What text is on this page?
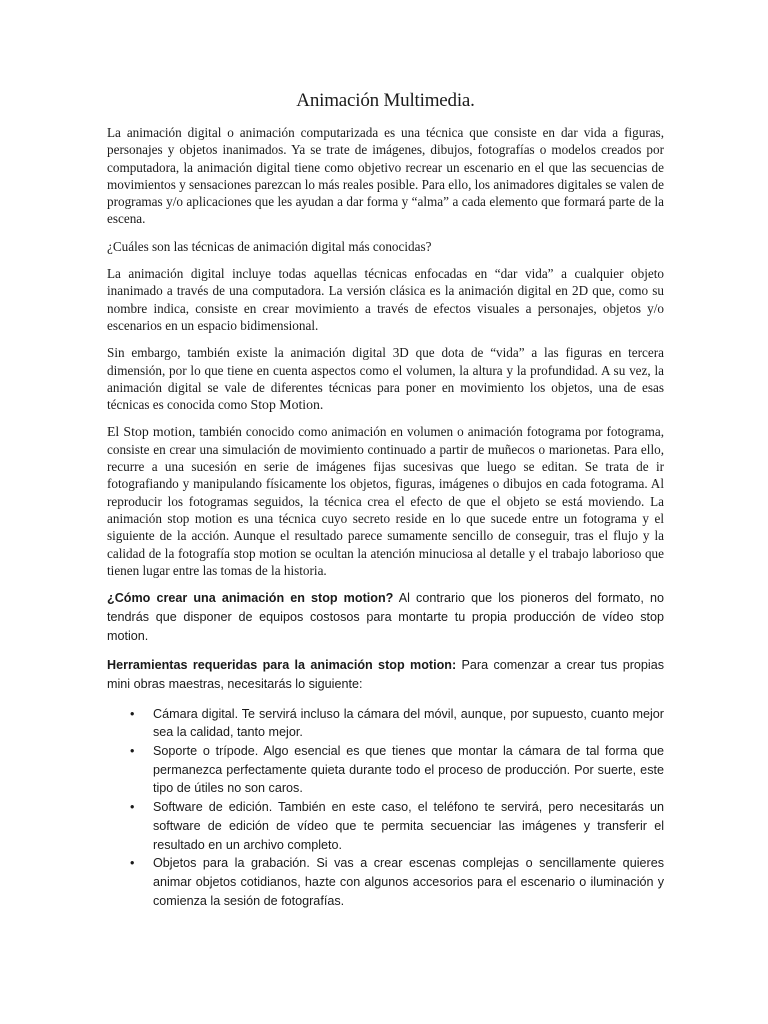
Animación Multimedia.

La animación digital o animación computarizada es una técnica que consiste en dar vida a figuras, personajes y objetos inanimados. Ya se trate de imágenes, dibujos, fotografías o modelos creados por computadora, la animación digital tiene como objetivo recrear un escenario en el que las secuencias de movimientos y sensaciones parezcan lo más reales posible. Para ello, los animadores digitales se valen de programas y/o aplicaciones que les ayudan a dar forma y “alma” a cada elemento que formará parte de la escena.

¿Cuáles son las técnicas de animación digital más conocidas?

La animación digital incluye todas aquellas técnicas enfocadas en “dar vida” a cualquier objeto inanimado a través de una computadora. La versión clásica es la animación digital en 2D que, como su nombre indica, consiste en crear movimiento a través de efectos visuales a personajes, objetos y/o escenarios en un espacio bidimensional.

Sin embargo, también existe la animación digital 3D que dota de “vida” a las figuras en tercera dimensión, por lo que tiene en cuenta aspectos como el volumen, la altura y la profundidad. A su vez, la animación digital se vale de diferentes técnicas para poner en movimiento los objetos, una de esas técnicas es conocida como Stop Motion.

El Stop motion, también conocido como animación en volumen o animación fotograma por fotograma, consiste en crear una simulación de movimiento continuado a partir de muñecos o marionetas. Para ello, recurre a una sucesión en serie de imágenes fijas sucesivas que luego se editan. Se trata de ir fotografiando y manipulando físicamente los objetos, figuras, imágenes o dibujos en cada fotograma. Al reproducir los fotogramas seguidos, la técnica crea el efecto de que el objeto se está moviendo. La animación stop motion es una técnica cuyo secreto reside en lo que sucede entre un fotograma y el siguiente de la acción. Aunque el resultado parece sumamente sencillo de conseguir, tras el flujo y la calidad de la fotografía stop motion se ocultan la atención minuciosa al detalle y el trabajo laborioso que tienen lugar entre las tomas de la historia.

¿Cómo crear una animación en stop motion? Al contrario que los pioneros del formato, no tendrás que disponer de equipos costosos para montarte tu propia producción de vídeo stop motion.

Herramientas requeridas para la animación stop motion: Para comenzar a crear tus propias mini obras maestras, necesitarás lo siguiente:

• Cámara digital. Te servirá incluso la cámara del móvil, aunque, por supuesto, cuanto mejor sea la calidad, tanto mejor.
• Soporte o trípode. Algo esencial es que tienes que montar la cámara de tal forma que permanezca perfectamente quieta durante todo el proceso de producción. Por suerte, este tipo de útiles no son caros.
• Software de edición. También en este caso, el teléfono te servirá, pero necesitarás un software de edición de vídeo que te permita secuenciar las imágenes y transferir el resultado en un archivo completo.
• Objetos para la grabación. Si vas a crear escenas complejas o sencillamente quieres animar objetos cotidianos, hazte con algunos accesorios para el escenario o iluminación y comienza la sesión de fotografías.
